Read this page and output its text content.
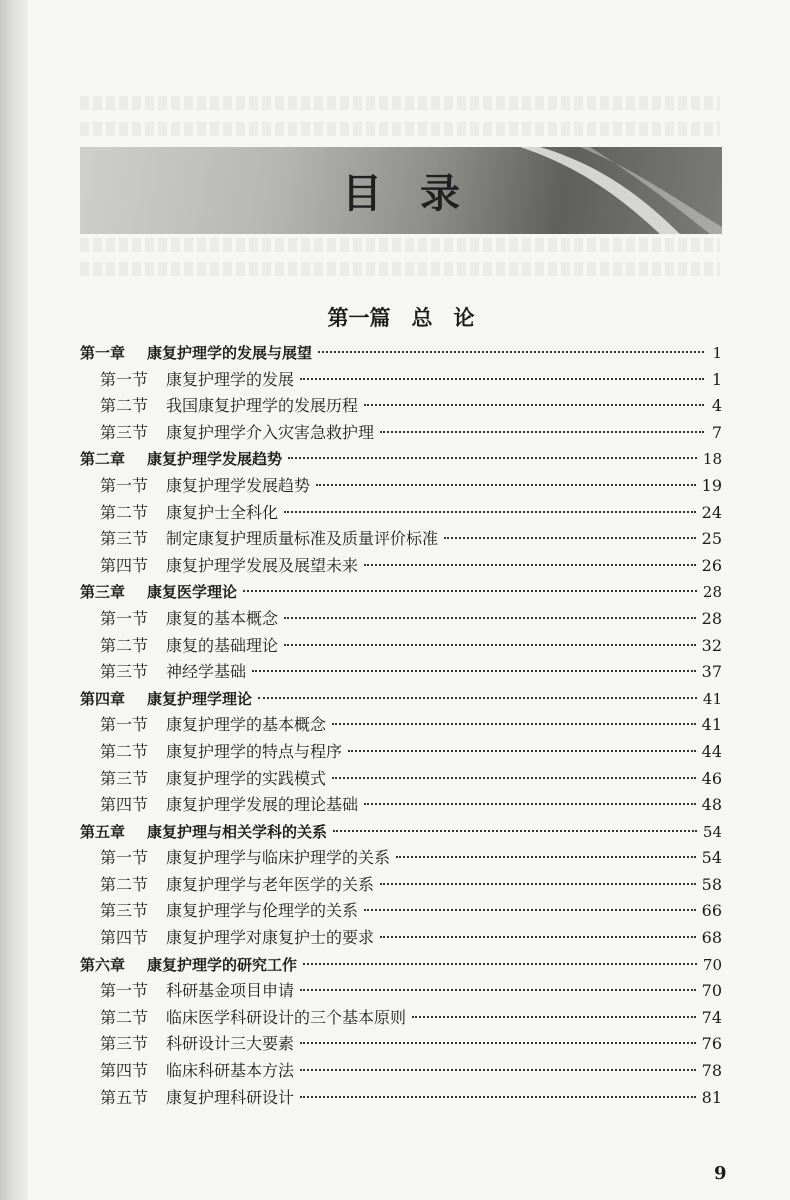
目录
第一篇　总　论
第一章	康复护理学的发展与展望	1
第一节	康复护理学的发展	1
第二节	我国康复护理学的发展历程	4
第三节	康复护理学介入灾害急救护理	7
第二章	康复护理学发展趋势	18
第一节	康复护理学发展趋势	19
第二节	康复护士全科化	24
第三节	制定康复护理质量标准及质量评价标准	25
第四节	康复护理学发展及展望未来	26
第三章	康复医学理论	28
第一节	康复的基本概念	28
第二节	康复的基础理论	32
第三节	神经学基础	37
第四章	康复护理学理论	41
第一节	康复护理学的基本概念	41
第二节	康复护理学的特点与程序	44
第三节	康复护理学的实践模式	46
第四节	康复护理学发展的理论基础	48
第五章	康复护理与相关学科的关系	54
第一节	康复护理学与临床护理学的关系	54
第二节	康复护理学与老年医学的关系	58
第三节	康复护理学与伦理学的关系	66
第四节	康复护理学对康复护士的要求	68
第六章	康复护理学的研究工作	70
第一节	科研基金项目申请	70
第二节	临床医学科研设计的三个基本原则	74
第三节	科研设计三大要素	76
第四节	临床科研基本方法	78
第五节	康复护理科研设计	81
9
